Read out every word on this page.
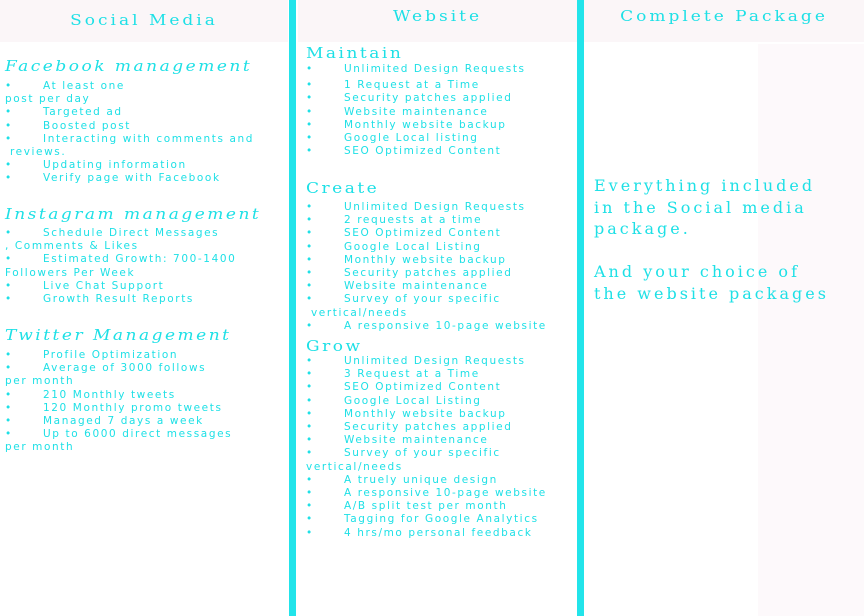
Social Media
Facebook management
•	At least one
post per day
•	Targeted ad
•	Boosted post
•	Interacting with comments and
reviews.
•	Updating information
•	Verify page with Facebook
Instagram management
•	Schedule Direct Messages
, Comments & Likes
•	Estimated Growth: 700-1400
Followers Per Week
•	Live Chat Support
•	Growth Result Reports
Twitter Management
•	Profile Optimization
•	Average of 3000 follows
per month
•	210 Monthly tweets
•	120 Monthly promo tweets
•	Managed 7 days a week
•	Up to 6000 direct messages
per month
Website
Maintain
•	Unlimited Design Requests
•	1 Request at a Time
•	Security patches applied
•	Website maintenance
•	Monthly website backup
•	Google Local listing
•	SEO Optimized Content
Create
•	Unlimited Design Requests
•	2 requests at a time
•	SEO Optimized Content
•	Google Local Listing
•	Monthly website backup
•	Security patches applied
•	Website maintenance
•	Survey of your specific
vertical/needs
•	A responsive 10-page website
Grow
•	Unlimited Design Requests
•	3 Request at a Time
•	SEO Optimized Content
•	Google Local Listing
•	Monthly website backup
•	Security patches applied
•	Website maintenance
•	Survey of your specific
vertical/needs
•	A truely unique design
•	A responsive 10-page website
•	A/B split test per month
•	Tagging for Google Analytics
•	4 hrs/mo personal feedback
Complete Package
Everything included
in the Social media
package.
And your choice of
the website packages
